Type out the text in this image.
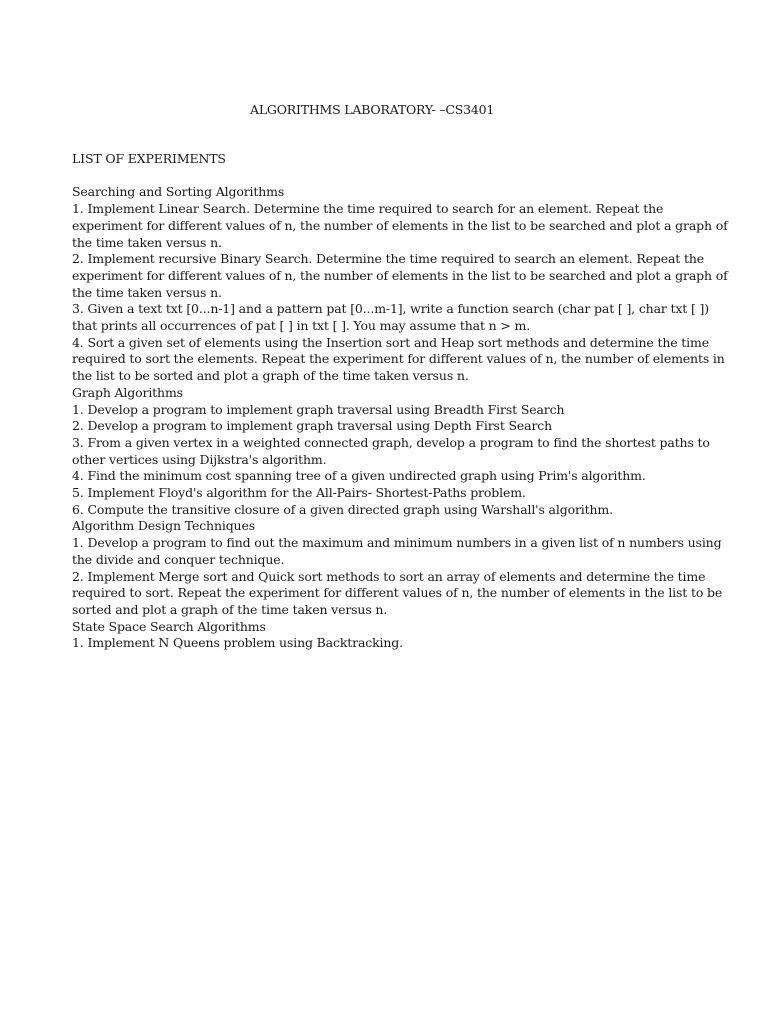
ALGORITHMS LABORATORY- –CS3401

LIST OF EXPERIMENTS

Searching and Sorting Algorithms

1. Implement Linear Search. Determine the time required to search for an element. Repeat the experiment for different values of n, the number of elements in the list to be searched and plot a graph of the time taken versus n.

2. Implement recursive Binary Search. Determine the time required to search an element. Repeat the experiment for different values of n, the number of elements in the list to be searched and plot a graph of the time taken versus n.

3. Given a text txt [0...n-1] and a pattern pat [0...m-1], write a function search (char pat [ ], char txt [ ]) that prints all occurrences of pat [ ] in txt [ ]. You may assume that n > m.

4. Sort a given set of elements using the Insertion sort and Heap sort methods and determine the time required to sort the elements. Repeat the experiment for different values of n, the number of elements in the list to be sorted and plot a graph of the time taken versus n.

Graph Algorithms

1. Develop a program to implement graph traversal using Breadth First Search

2. Develop a program to implement graph traversal using Depth First Search

3. From a given vertex in a weighted connected graph, develop a program to find the shortest paths to other vertices using Dijkstra's algorithm.

4. Find the minimum cost spanning tree of a given undirected graph using Prim's algorithm.

5. Implement Floyd's algorithm for the All-Pairs- Shortest-Paths problem.

6. Compute the transitive closure of a given directed graph using Warshall's algorithm.

Algorithm Design Techniques

1. Develop a program to find out the maximum and minimum numbers in a given list of n numbers using the divide and conquer technique.

2. Implement Merge sort and Quick sort methods to sort an array of elements and determine the time required to sort. Repeat the experiment for different values of n, the number of elements in the list to be sorted and plot a graph of the time taken versus n.

State Space Search Algorithms

1. Implement N Queens problem using Backtracking.
